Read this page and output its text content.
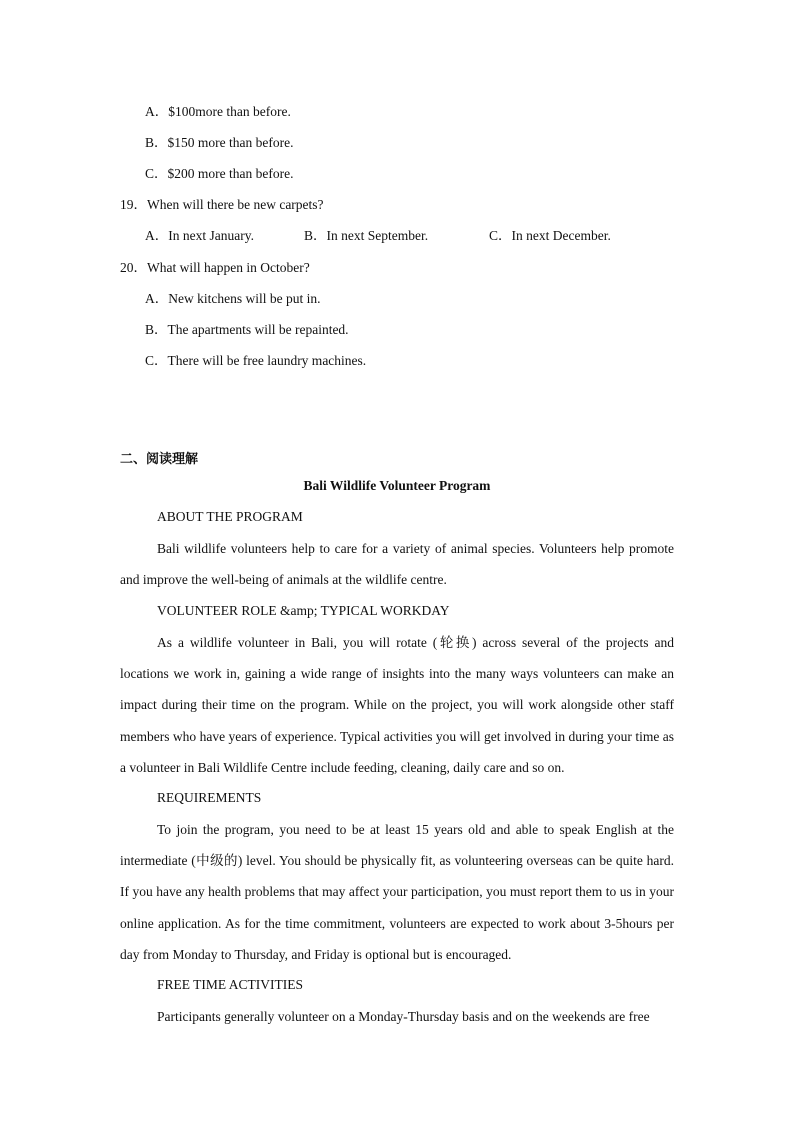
A．$100more than before.
B．$150 more than before.
C．$200 more than before.
19．When will there be new carpets?
A．In next January.	B．In next September.	C．In next December.
20．What will happen in October?
A．New kitchens will be put in.
B．The apartments will be repainted.
C．There will be free laundry machines.
二、阅读理解
Bali Wildlife Volunteer Program
ABOUT THE PROGRAM
Bali wildlife volunteers help to care for a variety of animal species. Volunteers help promote and improve the well-being of animals at the wildlife centre.
VOLUNTEER ROLE &amp; TYPICAL WORKDAY
As a wildlife volunteer in Bali, you will rotate (轮换) across several of the projects and locations we work in, gaining a wide range of insights into the many ways volunteers can make an impact during their time on the program. While on the project, you will work alongside other staff members who have years of experience. Typical activities you will get involved in during your time as a volunteer in Bali Wildlife Centre include feeding, cleaning, daily care and so on.
REQUIREMENTS
To join the program, you need to be at least 15 years old and able to speak English at the intermediate (中级的) level. You should be physically fit, as volunteering overseas can be quite hard. If you have any health problems that may affect your participation, you must report them to us in your online application. As for the time commitment, volunteers are expected to work about 3-5hours per day from Monday to Thursday, and Friday is optional but is encouraged.
FREE TIME ACTIVITIES
Participants generally volunteer on a Monday-Thursday basis and on the weekends are free
